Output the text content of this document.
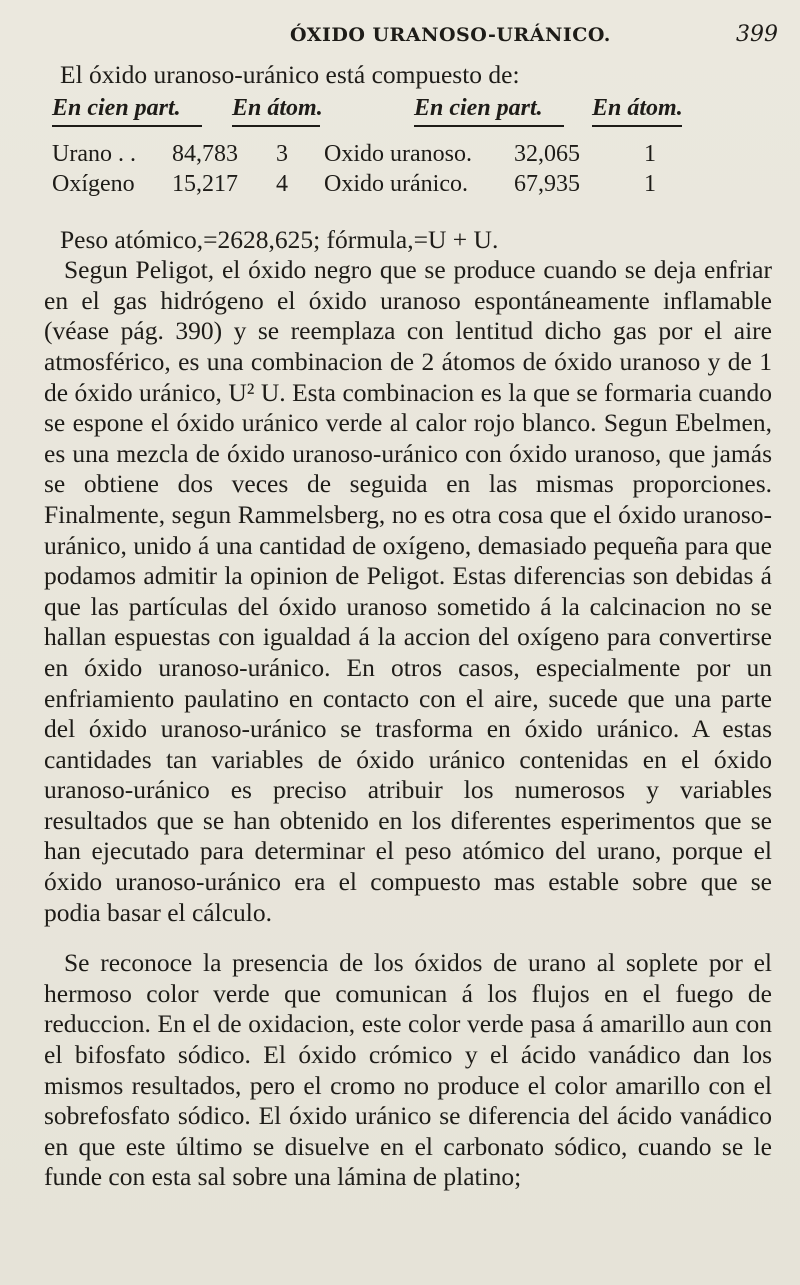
ÓXIDO URANOSO-URÁNICO.	399

El óxido uranoso-uránico está compuesto de:

En cien part. En átom.	En cien part. En átom.
Urano . . 84,783 3 Oxido uranoso. 32,065	1
Oxígeno 15,217 4 Oxido uránico. 67,935	1

Peso atómico,=2628,625; fórmula,=U + U.

Segun Peligot, el óxido negro que se produce cuando se deja enfriar en el gas hidrógeno el óxido uranoso espontáneamente inflamable (véase pág. 390) y se reemplaza con lentitud dicho gas por el aire atmosférico, es una combinacion de 2 átomos de óxido uranoso y de 1 de óxido uránico, U² U. Esta combinacion es la que se formaria cuando se espone el óxido uránico verde al calor rojo blanco. Segun Ebelmen, es una mezcla de óxido uranoso-uránico con óxido uranoso, que jamás se obtiene dos veces de seguida en las mismas proporciones. Finalmente, segun Rammelsberg, no es otra cosa que el óxido uranoso-uránico, unido á una cantidad de oxígeno, demasiado pequeña para que podamos admitir la opinion de Peligot. Estas diferencias son debidas á que las partículas del óxido uranoso sometido á la calcinacion no se hallan espuestas con igualdad á la accion del oxígeno para convertirse en óxido uranoso-uránico. En otros casos, especialmente por un enfriamiento paulatino en contacto con el aire, sucede que una parte del óxido uranoso-uránico se trasforma en óxido uránico. A estas cantidades tan variables de óxido uránico contenidas en el óxido uranoso-uránico es preciso atribuir los numerosos y variables resultados que se han obtenido en los diferentes esperimentos que se han ejecutado para determinar el peso atómico del urano, porque el óxido uranoso-uránico era el compuesto mas estable sobre que se podia basar el cálculo.

Se reconoce la presencia de los óxidos de urano al soplete por el hermoso color verde que comunican á los flujos en el fuego de reduccion. En el de oxidacion, este color verde pasa á amarillo aun con el bifosfato sódico. El óxido crómico y el ácido vanádico dan los mismos resultados, pero el cromo no produce el color amarillo con el sobrefosfato sódico. El óxido uránico se diferencia del ácido vanádico en que este último se disuelve en el carbonato sódico, cuando se le funde con esta sal sobre una lámina de platino;
